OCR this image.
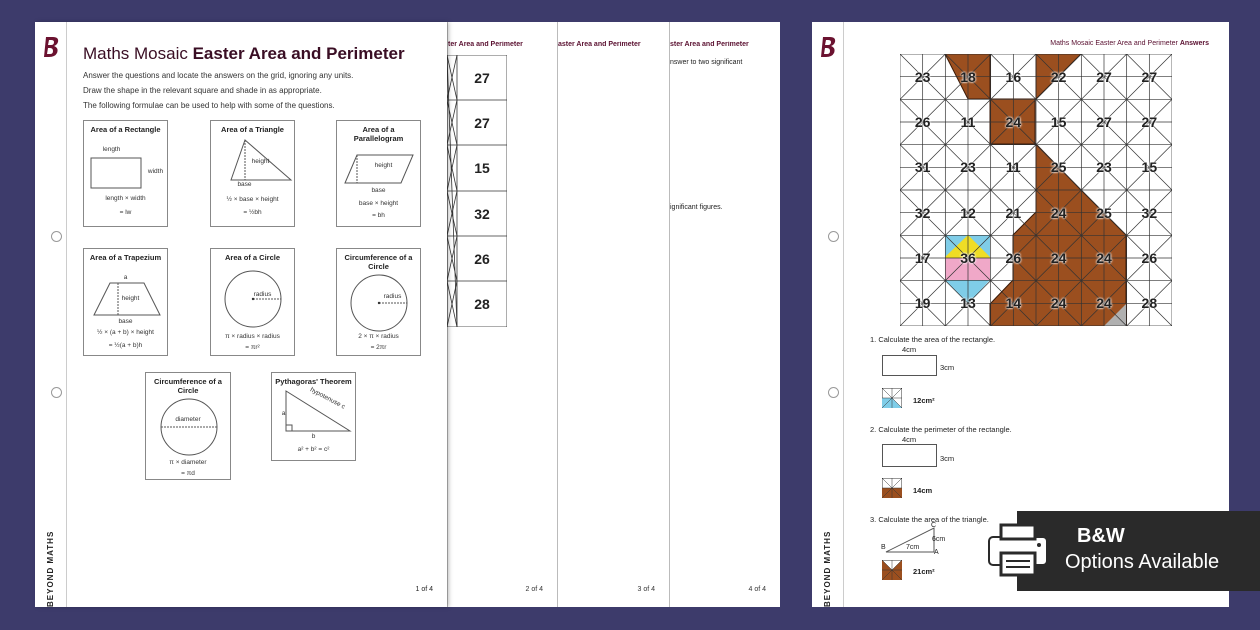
ter Area and Perimeter
2 of 4
aster Area and Perimeter
3 of 4
ster Area and Perimeter
nswer to two significant
ignificant figures.
4 of 4
27
27
15
32
26
28
BEYOND MATHS
Maths Mosaic Easter Area and Perimeter
Answer the questions and locate the answers on the grid, ignoring any units.
Draw the shape in the relevant square and shade in as appropriate.
The following formulae can be used to help with some of the questions.
Area of a Rectangle
length
width
length × width
= lw
Area of a Triangle
height
base
½ × base × height
= ½bh
Area of a Parallelogram
height
base
base × height
= bh
Area of a Trapezium
a
height
base
½ × (a + b) × height
= ½(a + b)h
Area of a Circle
radius
π × radius × radius
= πr²
Circumference of a Circle
radius
2 × π × radius
= 2πr
Circumference of a Circle
diameter
π × diameter
= πd
Pythagoras' Theorem
hypotenuse c
a
b
a² + b² = c²
1 of 4	BEYOND MATHS
Maths Mosaic Easter Area and Perimeter Answers
23	18	16	22	27	27
26	11	24	15	27	27
31	23	11	25	23	15
32	12	21	24	25	32
17	36	26	24	24	26
19	13	14	24	24	28
1. Calculate the area of the rectangle.
4cm
3cm
12cm²
2. Calculate the perimeter of the rectangle.
4cm
3cm
14cm
3. Calculate the area of the triangle.
C
6cm
B	7cm
A
21cm²
B&W
Options Available
